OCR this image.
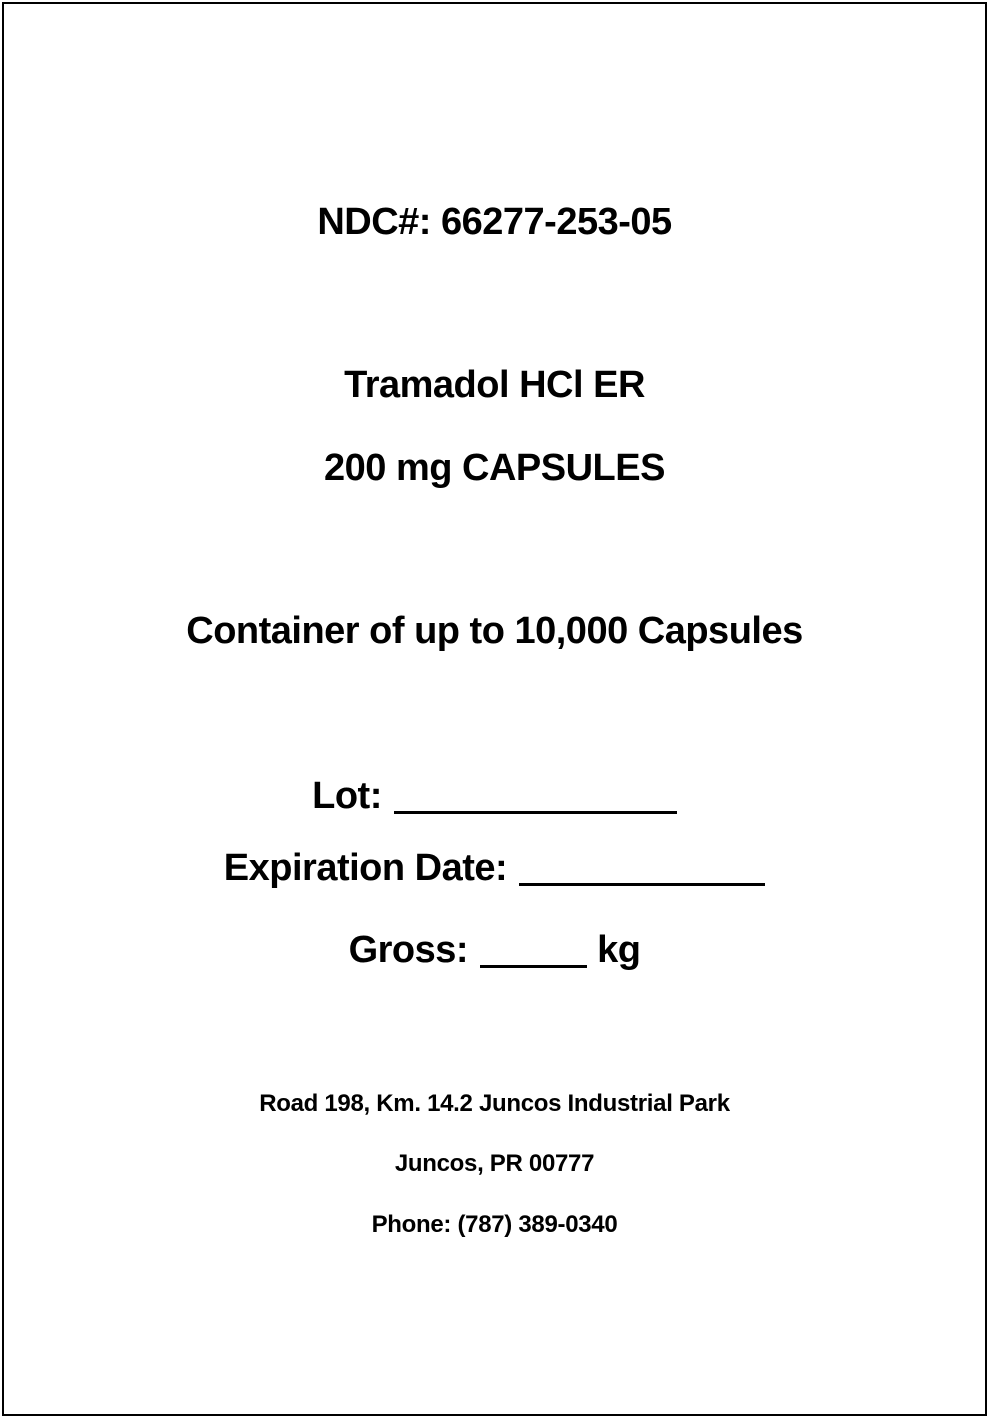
NDC#: 66277-253-05
Tramadol HCl ER
200 mg CAPSULES
Container of up to 10,000 Capsules
Lot:
Expiration Date:
Gross:	kg
Road 198, Km. 14.2 Juncos Industrial Park
Juncos, PR 00777
Phone: (787) 389-0340
